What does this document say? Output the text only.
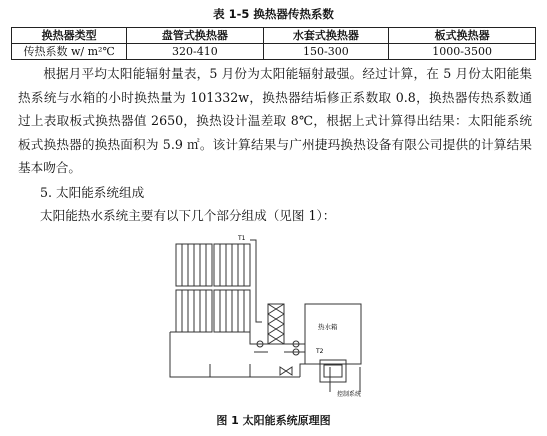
表 1-5 换热器传热系数
换热器类型	盘管式换热器	水套式换热器	板式换热器
传热系数 w/ m²℃	320-410	150-300	1000-3500
根据月平均太阳能辐射量表，5 月份为太阳能辐射最强。经过计算，在 5 月份太阳能集热系统与水箱的小时换热量为 101332w，换热器结垢修正系数取 0.8，换热器传热系数通过上表取板式换热器值 2650，换热设计温差取 8℃，根据上式计算得出结果：太阳能系统板式换热器的换热面积为 5.9 ㎡。该计算结果与广州捷玛换热设备有限公司提供的计算结果基本吻合。
5. 太阳能系统组成
太阳能热水系统主要有以下几个部分组成（见图 1）：
T1
热水箱
T2
控制系统
图 1 太阳能系统原理图
